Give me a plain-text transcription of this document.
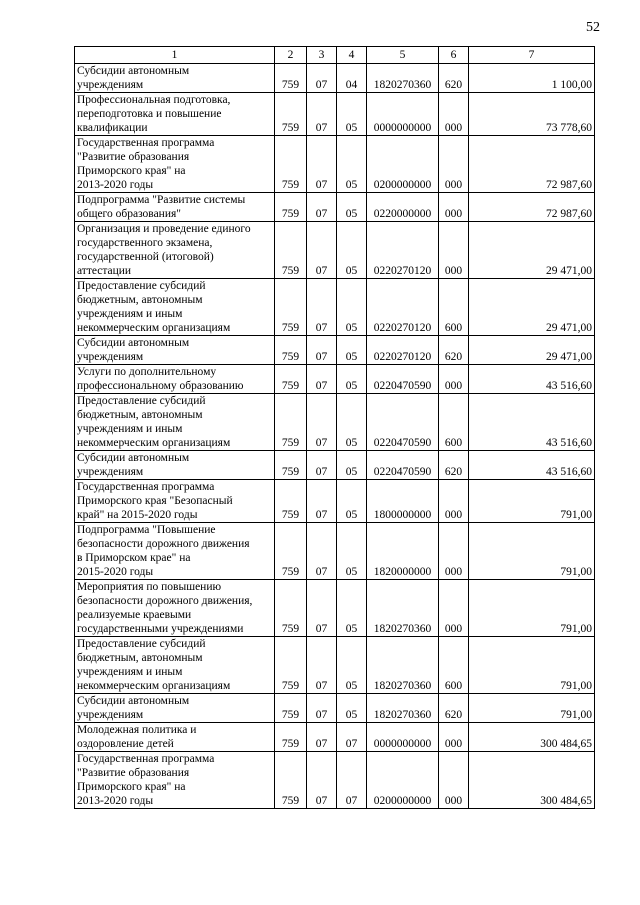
52
1	2	3	4	5	6	7
Субсидии автономным
учреждениям	759	07	04	1820270360	620	1 100,00
Профессиональная подготовка,
переподготовка и повышение
квалификации	759	07	05	0000000000	000	73 778,60
Государственная программа
"Развитие образования
Приморского края" на
2013-2020 годы	759	07	05	0200000000	000	72 987,60
Подпрограмма "Развитие системы
общего образования"	759	07	05	0220000000	000	72 987,60
Организация и проведение единого
государственного экзамена,
государственной (итоговой)
аттестации	759	07	05	0220270120	000	29 471,00
Предоставление субсидий
бюджетным, автономным
учреждениям и иным
некоммерческим организациям	759	07	05	0220270120	600	29 471,00
Субсидии автономным
учреждениям	759	07	05	0220270120	620	29 471,00
Услуги по дополнительному
профессиональному образованию	759	07	05	0220470590	000	43 516,60
Предоставление субсидий
бюджетным, автономным
учреждениям и иным
некоммерческим организациям	759	07	05	0220470590	600	43 516,60
Субсидии автономным
учреждениям	759	07	05	0220470590	620	43 516,60
Государственная программа
Приморского края "Безопасный
край" на 2015-2020 годы	759	07	05	1800000000	000	791,00
Подпрограмма "Повышение
безопасности дорожного движения
в Приморском крае" на
2015-2020 годы	759	07	05	1820000000	000	791,00
Мероприятия по повышению
безопасности дорожного движения,
реализуемые краевыми
государственными учреждениями	759	07	05	1820270360	000	791,00
Предоставление субсидий
бюджетным, автономным
учреждениям и иным
некоммерческим организациям	759	07	05	1820270360	600	791,00
Субсидии автономным
учреждениям	759	07	05	1820270360	620	791,00
Молодежная политика и
оздоровление детей	759	07	07	0000000000	000	300 484,65
Государственная программа
"Развитие образования
Приморского края" на
2013-2020 годы	759	07	07	0200000000	000	300 484,65
